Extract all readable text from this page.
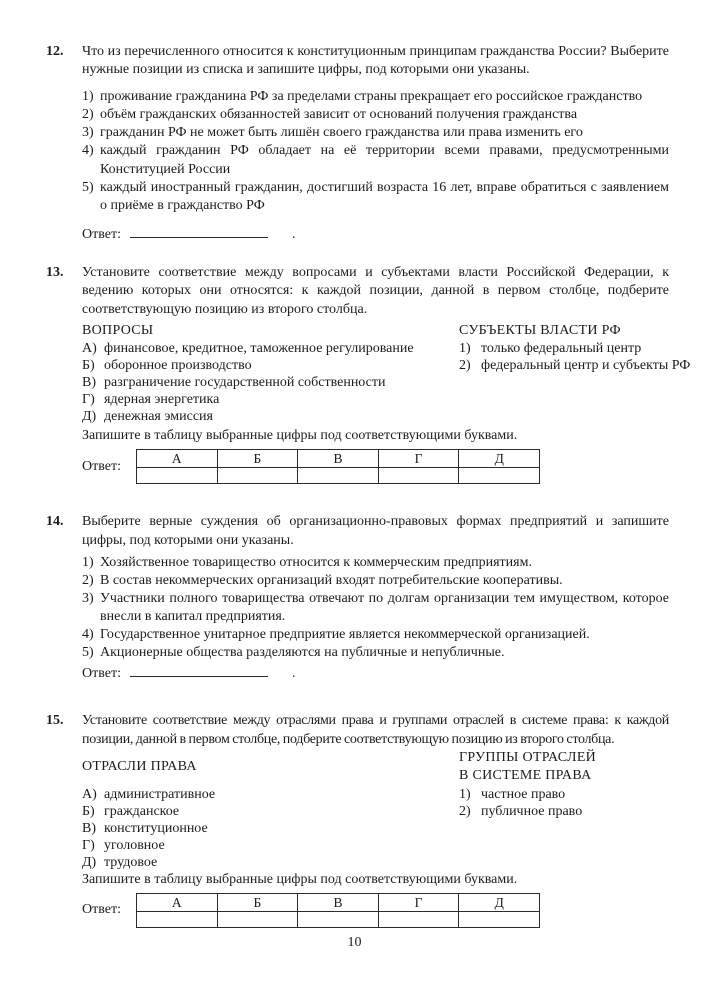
12.	Что из перечисленного относится к конституционным принципам гражданства России? Выберите нужные позиции из списка и запишите цифры, под которыми они указаны.
1) проживание гражданина РФ за пределами страны прекращает его российское гражданство
2) объём гражданских обязанностей зависит от оснований получения гражданства
3) гражданин РФ не может быть лишён своего гражданства или права изменить его
4) каждый гражданин РФ обладает на её территории всеми правами, предусмотренными Конституцией России
5) каждый иностранный гражданин, достигший возраста 16 лет, вправе обратиться с заявлением о приёме в гражданство РФ
Ответ:	.
13.	Установите соответствие между вопросами и субъектами власти Российской Федерации, к ведению которых они относятся: к каждой позиции, данной в первом столбце, подберите соответствующую позицию из второго столбца.
ВОПРОСЫ	СУБЪЕКТЫ ВЛАСТИ РФ
А) финансовое, кредитное, таможенное регулирование
Б) оборонное производство
В) разграничение государственной собственности
Г) ядерная энергетика
Д) денежная эмиссия
1) только федеральный центр
2) федеральный центр и субъекты РФ
Запишите в таблицу выбранные цифры под соответствующими буквами.
Ответ:	А	Б	В	Г	Д
14.	Выберите верные суждения об организационно-правовых формах предприятий и запишите цифры, под которыми они указаны.
1) Хозяйственное товарищество относится к коммерческим предприятиям.
2) В состав некоммерческих организаций входят потребительские кооперативы.
3) Участники полного товарищества отвечают по долгам организации тем имуществом, которое внесли в капитал предприятия.
4) Государственное унитарное предприятие является некоммерческой организацией.
5) Акционерные общества разделяются на публичные и непубличные.
Ответ:	.
15.	Установите соответствие между отраслями права и группами отраслей в системе права: к каждой позиции, данной в первом столбце, подберите соответствующую позицию из второго столбца.
ОТРАСЛИ ПРАВА
ГРУППЫ ОТРАСЛЕЙ
В СИСТЕМЕ ПРАВА
А) административное
Б) гражданское
В) конституционное
Г) уголовное
Д) трудовое
1) частное право
2) публичное право
Запишите в таблицу выбранные цифры под соответствующими буквами.
Ответ:	А	Б	В	Г	Д
10
